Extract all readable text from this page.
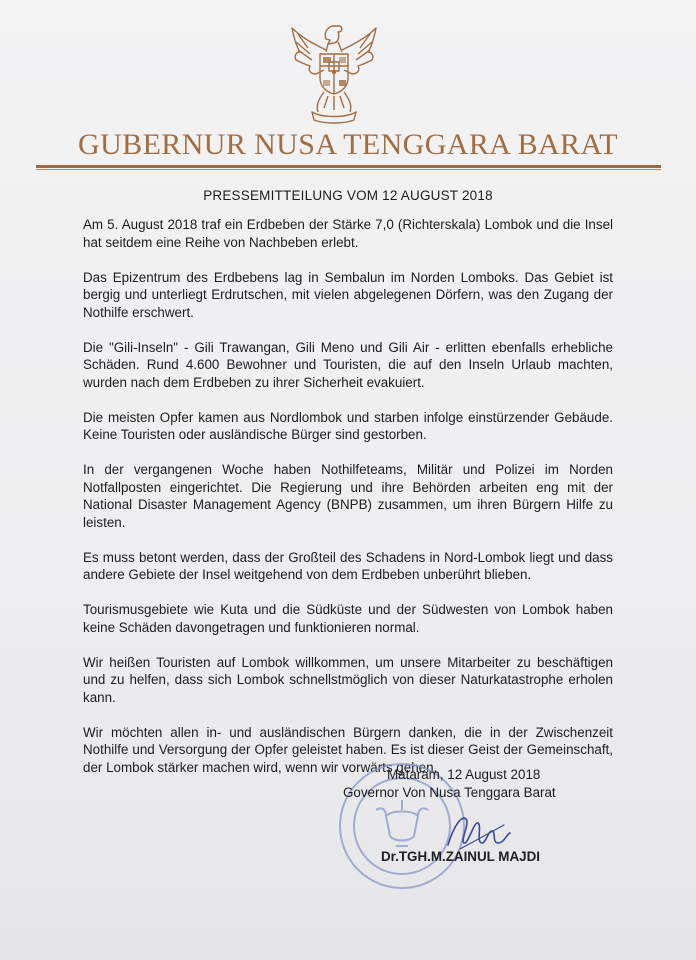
GUBERNUR NUSA TENGGARA BARAT
PRESSEMITTEILUNG VOM 12 AUGUST 2018

Am 5. August 2018 traf ein Erdbeben der Stärke 7,0 (Richterskala) Lombok und die Insel hat seitdem eine Reihe von Nachbeben erlebt.

Das Epizentrum des Erdbebens lag in Sembalun im Norden Lomboks. Das Gebiet ist bergig und unterliegt Erdrutschen, mit vielen abgelegenen Dörfern, was den Zugang der Nothilfe erschwert.

Die "Gili-Inseln" - Gili Trawangan, Gili Meno und Gili Air - erlitten ebenfalls erhebliche Schäden. Rund 4.600 Bewohner und Touristen, die auf den Inseln Urlaub machten, wurden nach dem Erdbeben zu ihrer Sicherheit evakuiert.

Die meisten Opfer kamen aus Nordlombok und starben infolge einstürzender Gebäude. Keine Touristen oder ausländische Bürger sind gestorben.

In der vergangenen Woche haben Nothilfeteams, Militär und Polizei im Norden Notfallposten eingerichtet. Die Regierung und ihre Behörden arbeiten eng mit der National Disaster Management Agency (BNPB) zusammen, um ihren Bürgern Hilfe zu leisten.

Es muss betont werden, dass der Großteil des Schadens in Nord-Lombok liegt und dass andere Gebiete der Insel weitgehend von dem Erdbeben unberührt blieben.

Tourismusgebiete wie Kuta und die Südküste und der Südwesten von Lombok haben keine Schäden davongetragen und funktionieren normal.

Wir heißen Touristen auf Lombok willkommen, um unsere Mitarbeiter zu beschäftigen und zu helfen, dass sich Lombok schnellstmöglich von dieser Naturkatastrophe erholen kann.

Wir möchten allen in- und ausländischen Bürgern danken, die in der Zwischenzeit Nothilfe und Versorgung der Opfer geleistet haben. Es ist dieser Geist der Gemeinschaft, der Lombok stärker machen wird, wenn wir vorwärts gehen.

Mataram, 12 August 2018
Governor Von Nusa Tenggara Barat
Dr.TGH.M.ZAINUL MAJDI
